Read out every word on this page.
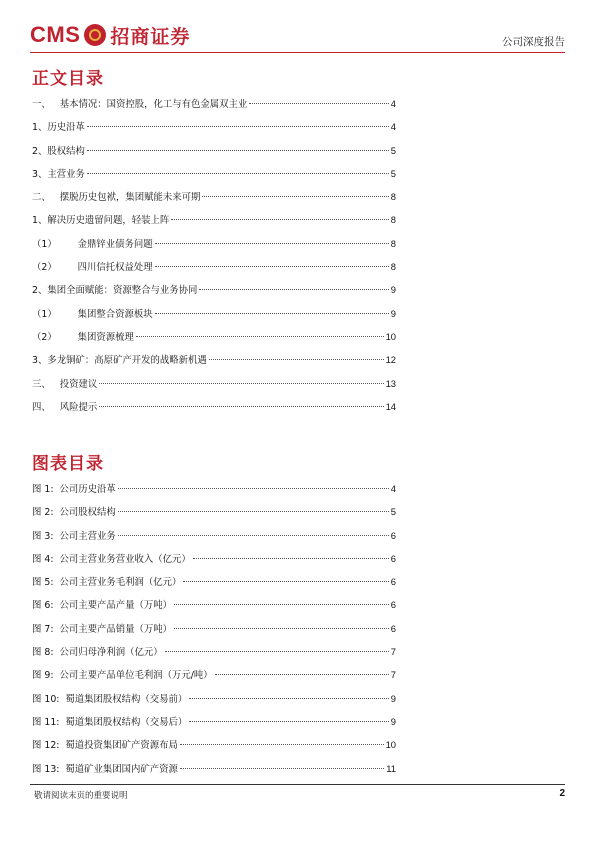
CMS 招商证券	公司深度报告
正文目录
一、   基本情况：国资控股，化工与有色金属双主业	4
1、历史沿革	4
2、股权结构	5
3、主营业务	5
二、   摆脱历史包袱，集团赋能未来可期	8
1、解决历史遗留问题，轻装上阵	8
（1）       金鼎锌业债务问题	8
（2）       四川信托权益处理	8
2、集团全面赋能：资源整合与业务协同	9
（1）       集团整合资源板块	9
（2）       集团资源梳理	10
3、多龙铜矿：高原矿产开发的战略新机遇	12
三、   投资建议	13
四、   风险提示	14
图表目录
图 1:  公司历史沿革	4
图 2:  公司股权结构	5
图 3:  公司主营业务	6
图 4:  公司主营业务营业收入（亿元）	6
图 5:  公司主营业务毛利润（亿元）	6
图 6:  公司主要产品产量（万吨）	6
图 7:  公司主要产品销量（万吨）	6
图 8:  公司归母净利润（亿元）	7
图 9:  公司主要产品单位毛利润（万元/吨）	7
图 10:  蜀道集团股权结构（交易前）	9
图 11:  蜀道集团股权结构（交易后）	9
图 12:  蜀道投资集团矿产资源布局	10
图 13:  蜀道矿业集团国内矿产资源	11
敬请阅读末页的重要说明	2
